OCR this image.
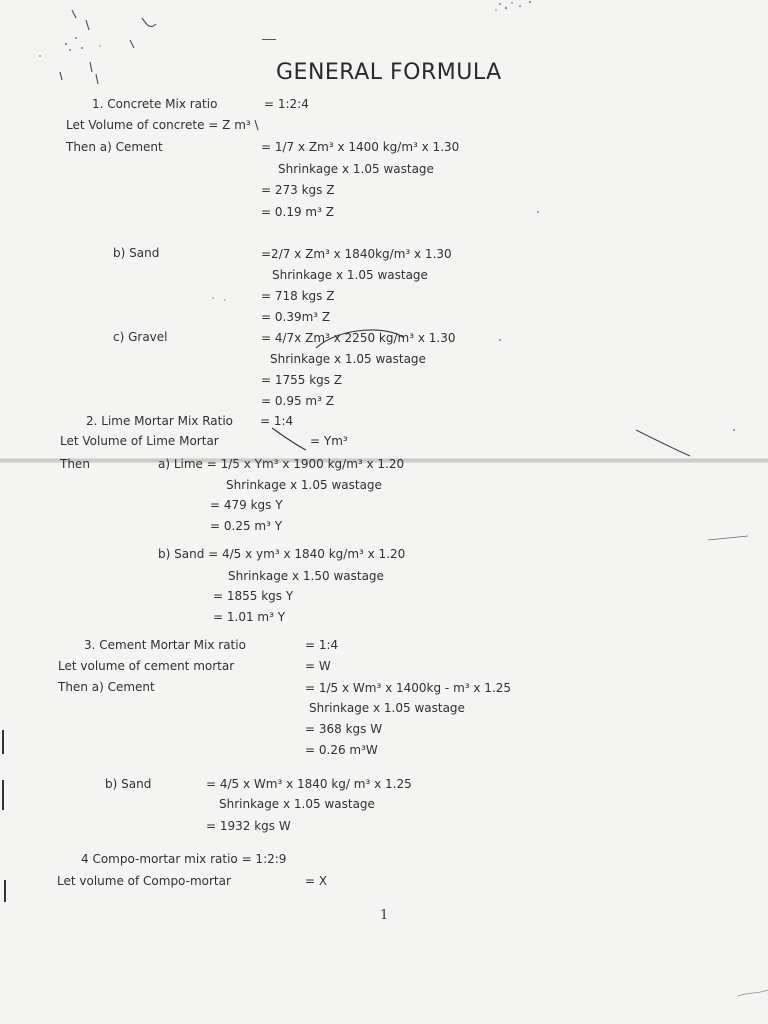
GENERAL FORMULA
1. Concrete Mix ratio	= 1:2:4
Let Volume of concrete = Z m³ \
Then a) Cement	= 1/7 x Zm³ x 1400 kg/m³ x 1.30
Shrinkage x 1.05 wastage
= 273 kgs Z
= 0.19 m³ Z
b) Sand	=2/7 x Zm³ x 1840kg/m³ x 1.30
Shrinkage x 1.05 wastage
= 718 kgs Z
= 0.39m³ Z
c) Gravel	= 4/7x Zm³ x 2250 kg/m³ x 1.30
Shrinkage x 1.05 wastage
= 1755 kgs Z
= 0.95 m³ Z
2. Lime Mortar Mix Ratio = 1:4
Let Volume of Lime Mortar	= Ym³
Then	a) Lime = 1/5 x Ym³ x 1900 kg/m³ x 1.20
Shrinkage x 1.05 wastage
= 479 kgs Y
= 0.25 m³ Y
b) Sand = 4/5 x ym³ x 1840 kg/m³ x 1.20
Shrinkage x 1.50 wastage
= 1855 kgs Y
= 1.01 m³ Y
3. Cement Mortar Mix ratio	= 1:4
Let volume of cement mortar	= W
Then a) Cement	= 1/5 x Wm³ x 1400kg - m³ x 1.25
Shrinkage x 1.05 wastage
= 368 kgs W
= 0.26 m³W
b) Sand	= 4/5 x Wm³ x 1840 kg/ m³ x 1.25
Shrinkage x 1.05 wastage
= 1932 kgs W
4 Compo-mortar mix ratio = 1:2:9
Let volume of Compo-mortar	= X
1
